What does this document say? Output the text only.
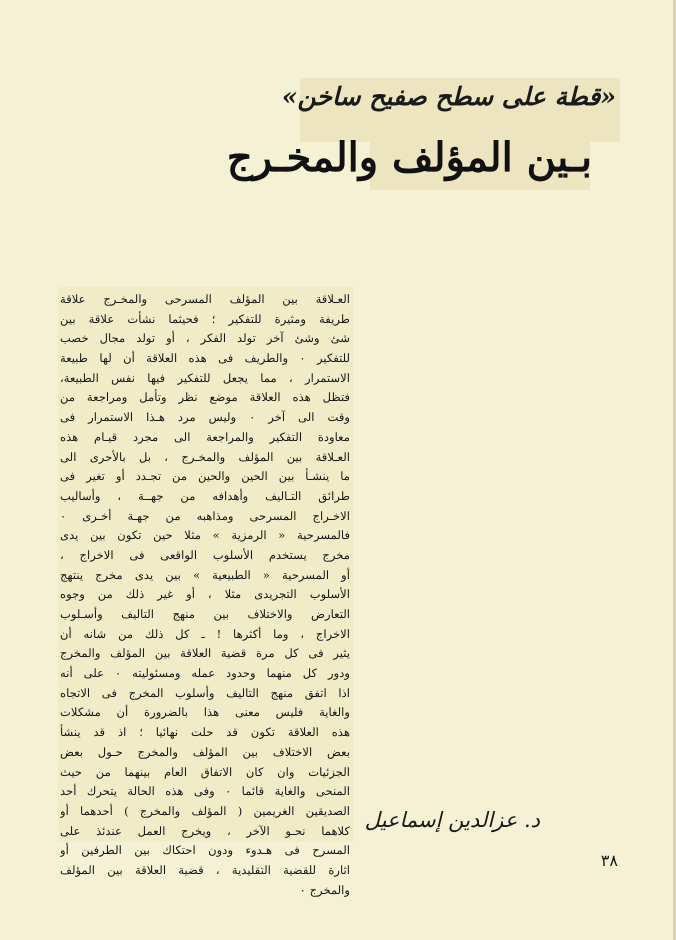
«قطة على سطح صفيح ساخن»
بـين المؤلف والمخـرج
العـلاقة بين المؤلف المسرحى والمخـرج علاقة
طريفة ومثيرة للتفكير ؛ فحيثما نشأت علاقة بين
شئ وشئ آخر تولد الفكر ، أو تولد مجال خصب
للتفكير ٠ والطريف فى هذه العلاقة أن لها طبيعة
الاستمرار ، مما يجعل للتفكير فيها نفس الطبيعة،
فتظل هذه العلاقة موضع نظر وتأمل ومراجعة من
وقت الى آخر ٠ وليس مرد هـذا الاستمرار فى
معاودة التفكير والمراجعة الى مجرد قيـام هذه
العـلاقة بين المؤلف والمخـرج ، بل بالأحرى الى
ما ينشـأ بين الحين والحين من تجـدد أو تغير فى
طرائق التـاليف وأهدافه من جهــة ، وأساليب
الاخـراج المسرحى ومذاهبه من جهـة أخـرى ٠
فالمسرحية « الرمزية » مثلا حين تكون بين يدى
مخرج يستخدم الأسلوب الواقعى فى الاخراج ،
أو المسرحية « الطبيعية » بين يدى مخرج ينتهج
الأسلوب التجريدى مثلا ، أو غير ذلك من وجوه
التعارض والاختلاف بين منهج التاليف وأسـلوب
الاخراج ، وما أكثرها ! ـ كل ذلك من شانه أن
يثير فى كل مرة قضية العلاقة بين المؤلف والمخرج
ودور كل منهما وحدود عمله ومسئوليته ٠ على أنه
اذا اتفق منهج التاليف وأسلوب المخرج فى الاتجاه
والغاية فليس معنى هذا بالضرورة أن مشكلات
هذه العلاقة تكون قد حلت نهائيا ؛ اذ قد ينشأ
بعض الاختلاف بين المؤلف والمخرج حـول بعض
الجزئيات وان كان الاتفاق العام بينهما من حيث
المنحى والغاية قائما ٠ وفى هذه الحالة يتحرك أحد
الصديقين الغريمين ( المؤلف والمخرج ) أحدهما أو
كلاهما نحـو الآخر ، ويخرج العمل عندئذ على
المسرح فى هـدوء ودون احتكاك بين الطرفين أو
اثارة للقضية التقليدية ، قضية العلاقة بين المؤلف
والمخرج ٠
د. عزالدين إسماعيل
٣٨
